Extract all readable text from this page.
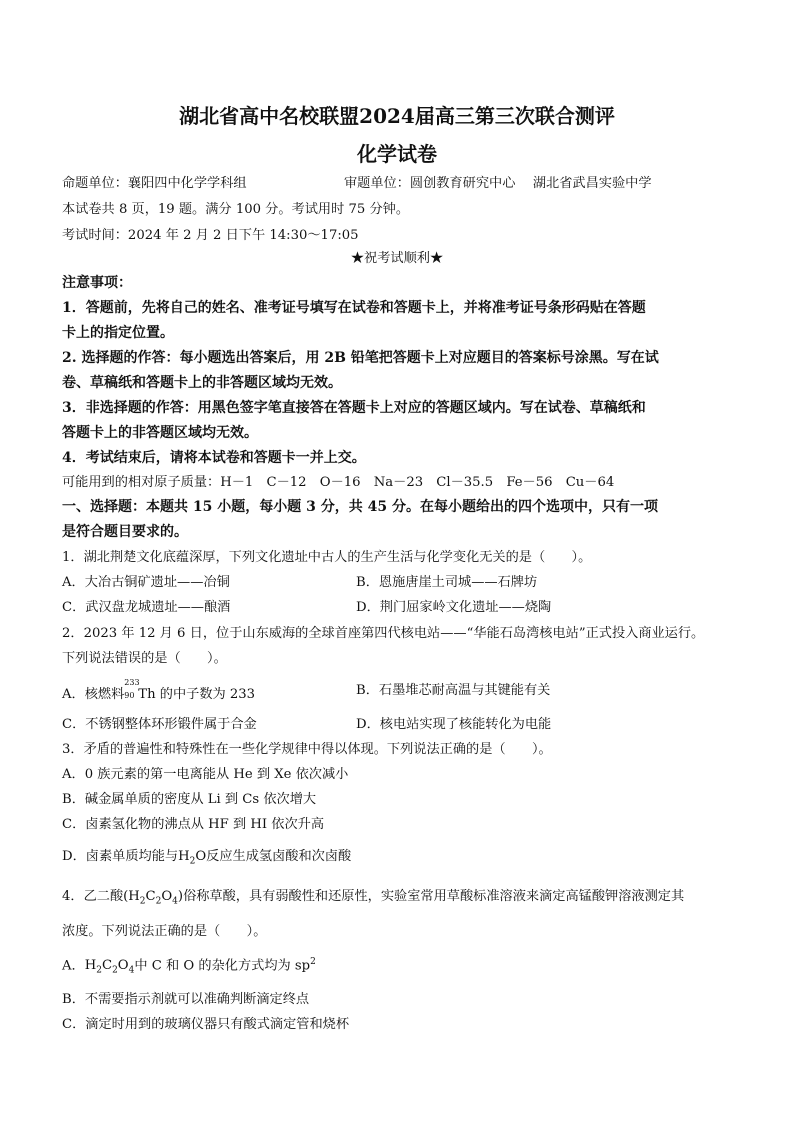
湖北省高中名校联盟2024届高三第三次联合测评
化学试卷
命题单位：襄阳四中化学学科组	审题单位：圆创教育研究中心　 湖北省武昌实验中学
本试卷共 8 页，19 题。满分 100 分。考试用时 75 分钟。
考试时间：2024 年 2 月 2 日下午 14:30～17:05
★祝考试顺利★
注意事项：
1．答题前，先将自己的姓名、准考证号填写在试卷和答题卡上，并将准考证号条形码贴在答题
卡上的指定位置。
2. 选择题的作答：每小题选出答案后，用 2B 铅笔把答题卡上对应题目的答案标号涂黑。写在试
卷、草稿纸和答题卡上的非答题区域均无效。
3．非选择题的作答：用黑色签字笔直接答在答题卡上对应的答题区域内。写在试卷、草稿纸和
答题卡上的非答题区域均无效。
4．考试结束后，请将本试卷和答题卡一并上交。
可能用到的相对原子质量：H－1　C－12　O－16　Na－23　Cl－35.5　Fe－56　Cu－64
一、选择题：本题共 15 小题，每小题 3 分，共 45 分。在每小题给出的四个选项中，只有一项
是符合题目要求的。
1．湖北荆楚文化底蕴深厚，下列文化遗址中古人的生产生活与化学变化无关的是（　　）。
A．大冶古铜矿遗址——冶铜	B．恩施唐崖土司城——石牌坊
C．武汉盘龙城遗址——酿酒	D．荆门屈家岭文化遗址——烧陶
2．2023 年 12 月 6 日，位于山东威海的全球首座第四代核电站——“华能石岛湾核电站”正式投入商业运行。
下列说法错误的是（　　）。
A．核燃料
233
90 Th 的中子数为 233	B．石墨堆芯耐高温与其键能有关
C．不锈钢整体环形锻件属于合金	D．核电站实现了核能转化为电能
3．矛盾的普遍性和特殊性在一些化学规律中得以体现。下列说法正确的是（　　）。
A．0 族元素的第一电离能从 He 到 Xe 依次减小
B．碱金属单质的密度从 Li 到 Cs 依次增大
C．卤素氢化物的沸点从 HF 到 HI 依次升高
D．卤素单质均能与$H_2O$反应生成氢卤酸和次卤酸
4．乙二酸$(H_2C_2O_4)$俗称草酸，具有弱酸性和还原性，实验室常用草酸标准溶液来滴定高锰酸钾溶液测定其
浓度。下列说法正确的是（　　）。
A．$H_2C_2O_4$中 C 和 O 的杂化方式均为 $sp^2$
B．不需要指示剂就可以准确判断滴定终点
C．滴定时用到的玻璃仪器只有酸式滴定管和烧杯
